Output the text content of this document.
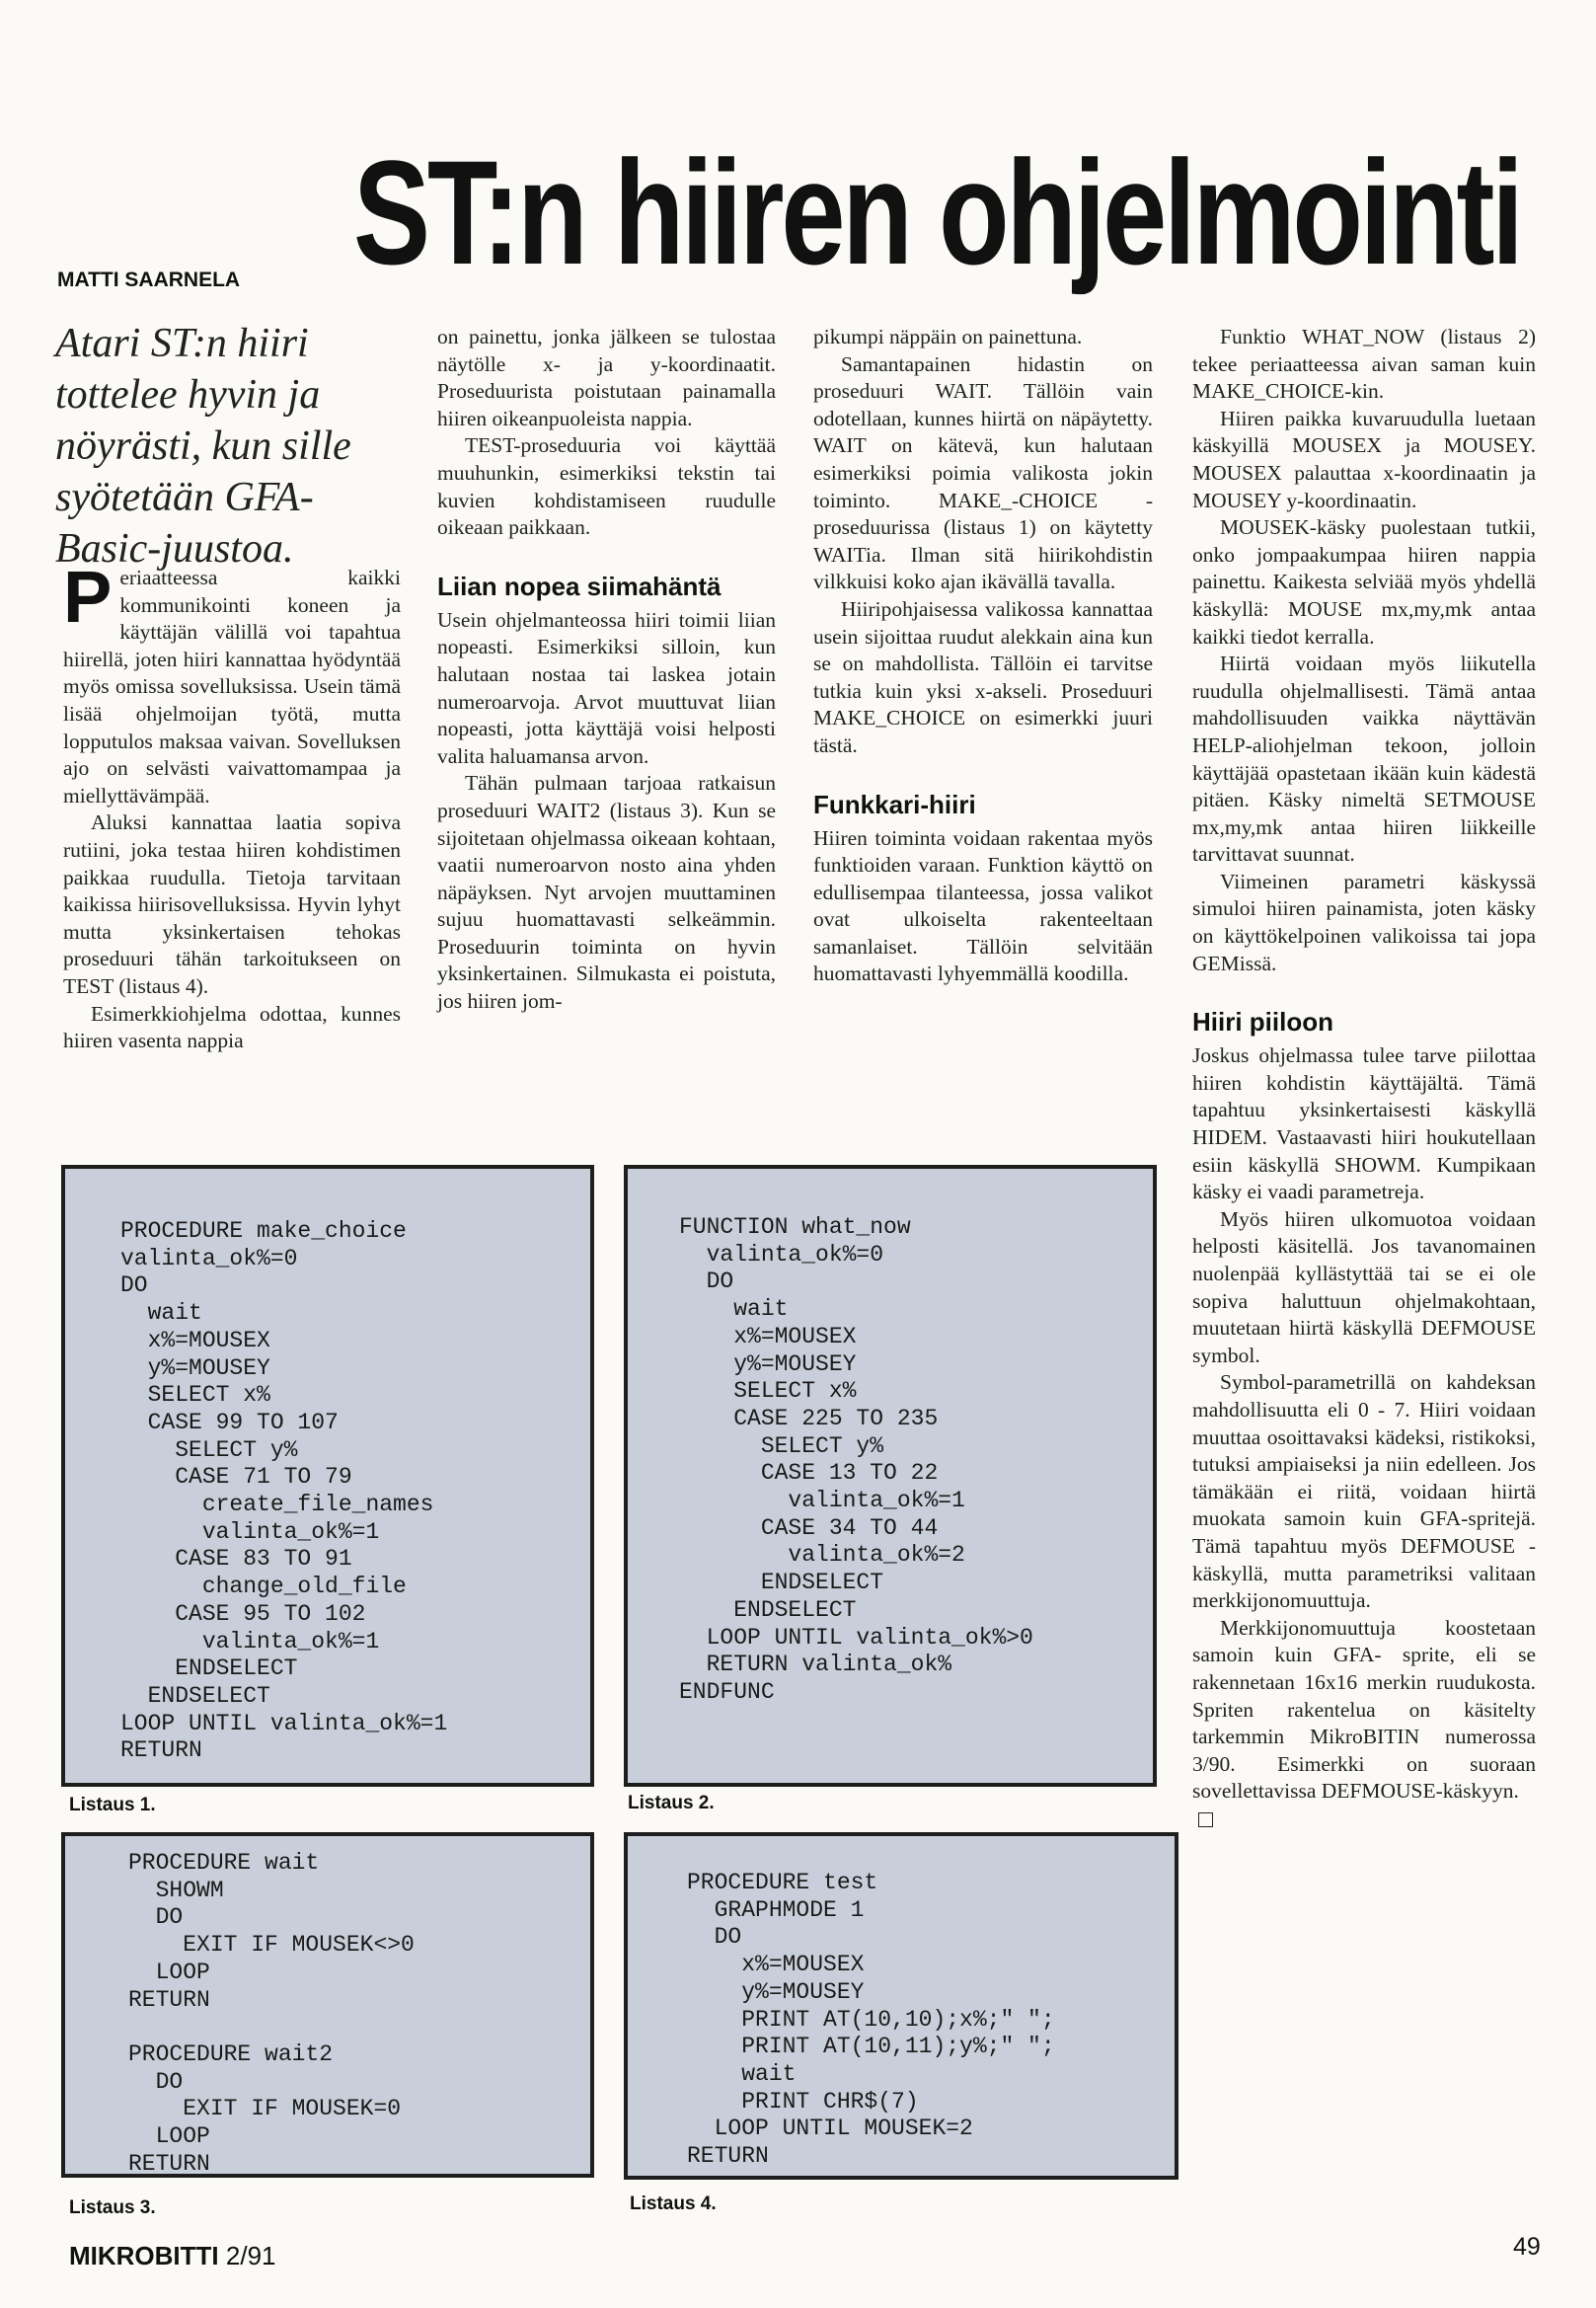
ST:n hiiren ohjelmointi
MATTI SAARNELA
Atari ST:n hiiri tottelee hyvin ja nöyrästi, kun sille syötetään GFA-Basic-juustoa.

Periaatteessa kaikki kommunikointi koneen ja käyttäjän välillä voi tapahtua hiirellä, joten hiiri kannattaa hyödyntää myös omissa sovelluksissa. Usein tämä lisää ohjelmoijan työtä, mutta lopputulos maksaa vaivan. Sovelluksen ajo on selvästi vaivattomampaa ja miellyttävämpää.

Aluksi kannattaa laatia sopiva rutiini, joka testaa hiiren kohdistimen paikkaa ruudulla. Tietoja tarvitaan kaikissa hiirisovelluksissa. Hyvin lyhyt mutta yksinkertaisen tehokas proseduuri tähän tarkoitukseen on TEST (listaus 4).

Esimerkkiohjelma odottaa, kunnes hiiren vasenta nappia

on painettu, jonka jälkeen se tulostaa näytölle x- ja y-koordinaatit. Proseduurista poistutaan painamalla hiiren oikeanpuoleista nappia.

TEST-proseduuria voi käyttää muuhunkin, esimerkiksi tekstin tai kuvien kohdistamiseen ruudulle oikeaan paikkaan.

Liian nopea siimahäntä

Usein ohjelmanteossa hiiri toimii liian nopeasti. Esimerkiksi silloin, kun halutaan nostaa tai laskea jotain numeroarvoja. Arvot muuttuvat liian nopeasti, jotta käyttäjä voisi helposti valita haluamansa arvon.

Tähän pulmaan tarjoaa ratkaisun proseduuri WAIT2 (listaus 3). Kun se sijoitetaan ohjelmassa oikeaan kohtaan, vaatii numeroarvon nosto aina yhden näpäyksen. Nyt arvojen muuttaminen sujuu huomattavasti selkeämmin. Proseduurin toiminta on hyvin yksinkertainen. Silmukasta ei poistuta, jos hiiren jom-

pikumpi näppäin on painettuna.

Samantapainen hidastin on proseduuri WAIT. Tällöin vain odotellaan, kunnes hiirtä on näpäytetty. WAIT on kätevä, kun halutaan esimerkiksi poimia valikosta jokin toiminto. MAKE_-CHOICE -proseduurissa (listaus 1) on käytetty WAITia. Ilman sitä hiirikohdistin vilkkuisi koko ajan ikävällä tavalla.

Hiiripohjaisessa valikossa kannattaa usein sijoittaa ruudut alekkain aina kun se on mahdollista. Tällöin ei tarvitse tutkia kuin yksi x-akseli. Proseduuri MAKE_CHOICE on esimerkki juuri tästä.

Funkkari-hiiri

Hiiren toiminta voidaan rakentaa myös funktioiden varaan. Funktion käyttö on edullisempaa tilanteessa, jossa valikot ovat ulkoiselta rakenteeltaan samanlaiset. Tällöin selvitään huomattavasti lyhyemmällä koodilla.

Funktio WHAT_NOW (listaus 2) tekee periaatteessa aivan saman kuin MAKE_CHOICE-kin.

Hiiren paikka kuvaruudulla luetaan käskyillä MOUSEX ja MOUSEY. MOUSEX palauttaa x-koordinaatin ja MOUSEY y-koordinaatin.

MOUSEK-käsky puolestaan tutkii, onko jompaakumpaa hiiren nappia painettu. Kaikesta selviää myös yhdellä käskyllä: MOUSE mx,my,mk antaa kaikki tiedot kerralla.

Hiirtä voidaan myös liikutella ruudulla ohjelmallisesti. Tämä antaa mahdollisuuden vaikka näyttävän HELP-aliohjelman tekoon, jolloin käyttäjää opastetaan ikään kuin kädestä pitäen. Käsky nimeltä SETMOUSE mx,my,mk antaa hiiren liikkeille tarvittavat suunnat.

Viimeinen parametri käskyssä simuloi hiiren painamista, joten käsky on käyttökelpoinen valikoissa tai jopa GEMissä.

Hiiri piiloon

Joskus ohjelmassa tulee tarve piilottaa hiiren kohdistin käyttäjältä. Tämä tapahtuu yksinkertaisesti käskyllä HIDEM. Vastaavasti hiiri houkutellaan esiin käskyllä SHOWM. Kumpikaan käsky ei vaadi parametreja.

Myös hiiren ulkomuotoa voidaan helposti käsitellä. Jos tavanomainen nuolenpää kyllästyttää tai se ei ole sopiva haluttuun ohjelmakohtaan, muutetaan hiirtä käskyllä DEFMOUSE symbol.

Symbol-parametrillä on kahdeksan mahdollisuutta eli 0 - 7. Hiiri voidaan muuttaa osoittavaksi kädeksi, ristikoksi, tutuksi ampiaiseksi ja niin edelleen. Jos tämäkään ei riitä, voidaan hiirtä muokata samoin kuin GFA-spritejä. Tämä tapahtuu myös DEFMOUSE -käskyllä, mutta parametriksi valitaan merkkijonomuuttuja.

Merkkijonomuuttuja koostetaan samoin kuin GFA- sprite, eli se rakennetaan 16x16 merkin ruudukosta. Spriten rakentelua on käsitelty tarkemmin MikroBITIN numerossa 3/90. Esimerkki on suoraan sovellettavissa DEFMOUSE-käskyyn.

PROCEDURE make_choice
valinta_ok%=0
DO
wait
x%=MOUSEX
y%=MOUSEY
SELECT x%
CASE 99 TO 107
SELECT y%
CASE 71 TO 79
create_file_names
valinta_ok%=1
CASE 83 TO 91
change_old_file
CASE 95 TO 102
valinta_ok%=1
ENDSELECT
ENDSELECT
LOOP UNTIL valinta_ok%=1
RETURN
Listaus 1.
FUNCTION what_now
valinta_ok%=0
DO
wait
x%=MOUSEX
y%=MOUSEY
SELECT x%
CASE 225 TO 235
SELECT y%
CASE 13 TO 22
valinta_ok%=1
CASE 34 TO 44
valinta_ok%=2
ENDSELECT
ENDSELECT
LOOP UNTIL valinta_ok%>0
RETURN valinta_ok%
ENDFUNC
Listaus 2.
PROCEDURE wait
SHOWM
DO
EXIT IF MOUSEK<>0
LOOP
RETURN

PROCEDURE wait2
DO
EXIT IF MOUSEK=0
LOOP
RETURN
Listaus 3.
PROCEDURE test
GRAPHMODE 1
DO
x%=MOUSEX
y%=MOUSEY
PRINT AT(10,10);x%;" ";
PRINT AT(10,11);y%;" ";
wait
PRINT CHR$(7)
LOOP UNTIL MOUSEK=2
RETURN
Listaus 4.
MIKROBITTI 2/91	49
